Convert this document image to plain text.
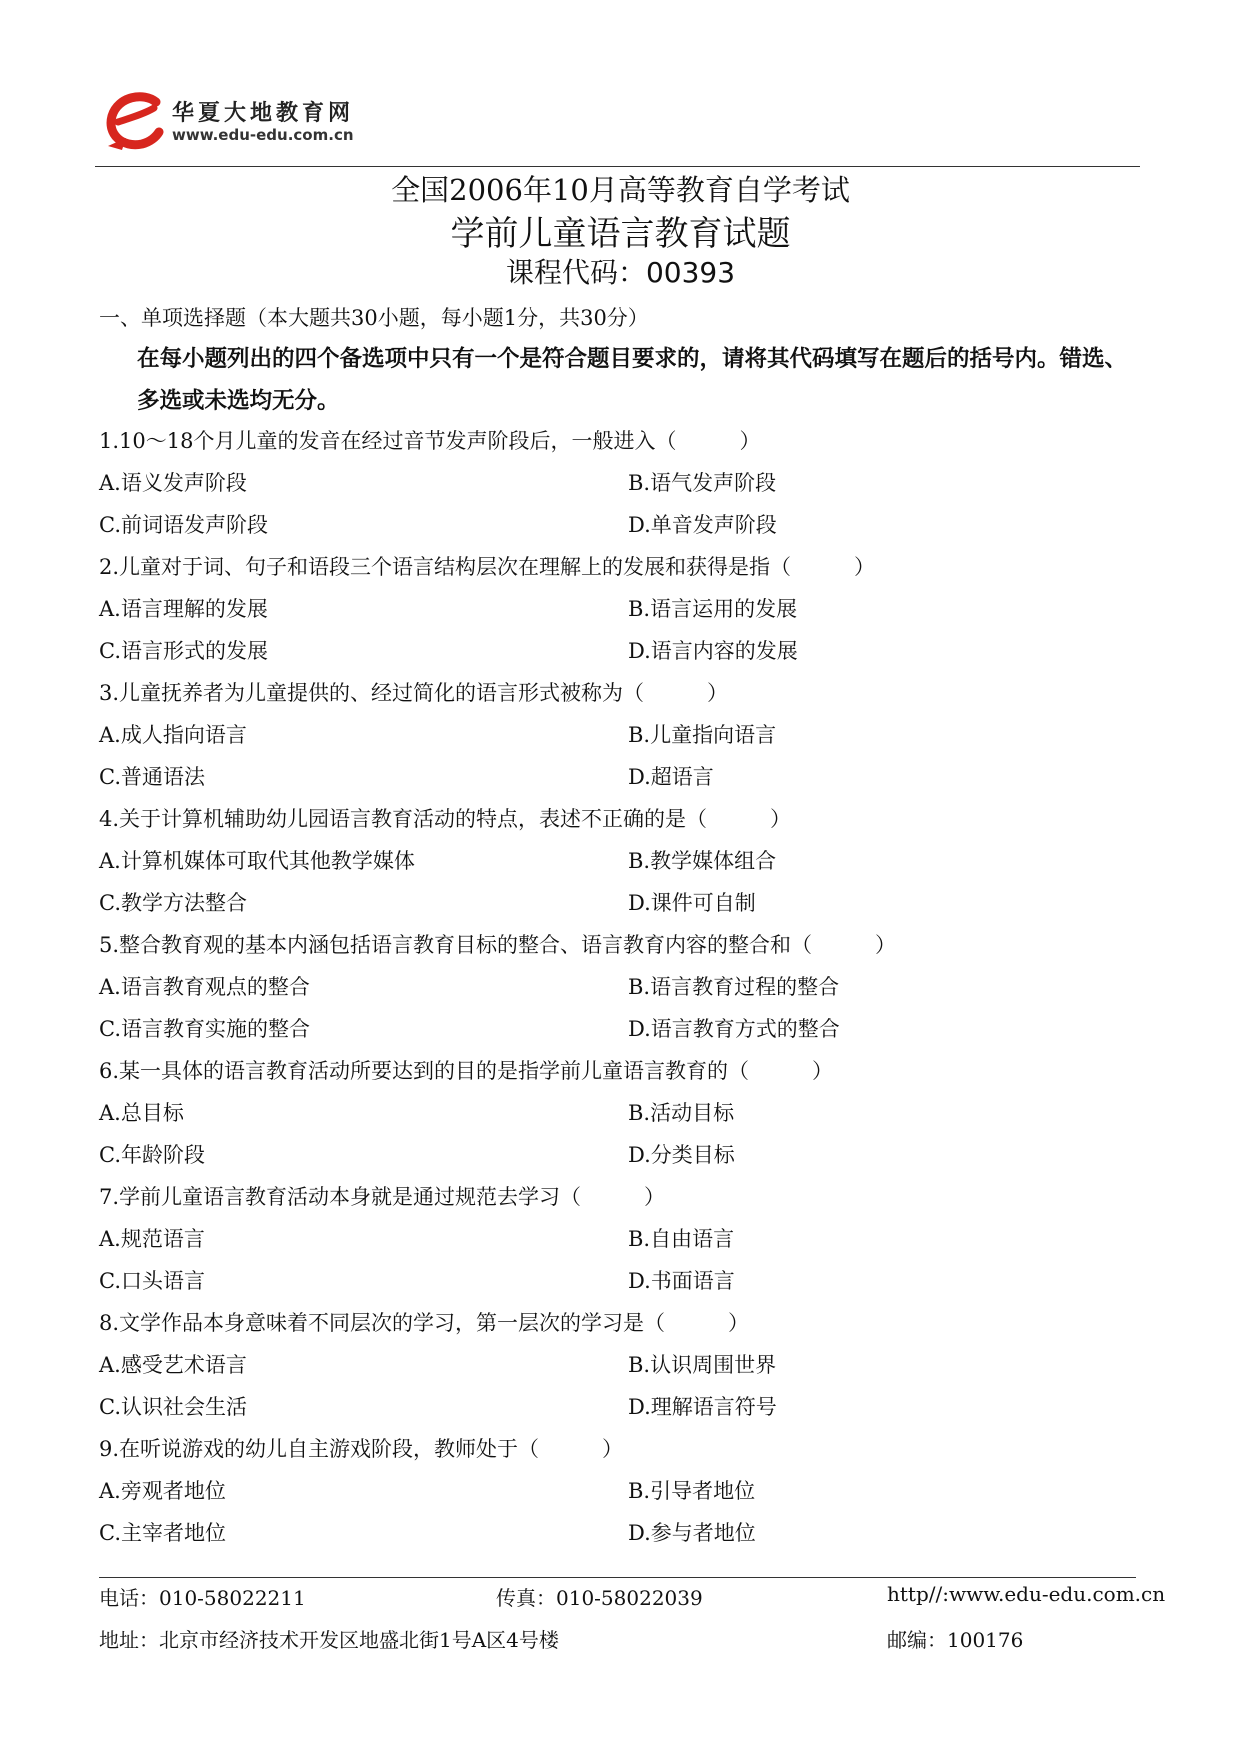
华夏大地教育网
www.edu-edu.com.cn
全国2006年10月高等教育自学考试
学前儿童语言教育试题
课程代码：00393
一、单项选择题（本大题共30小题，每小题1分，共30分）
在每小题列出的四个备选项中只有一个是符合题目要求的，请将其代码填写在题后的括号内。错选、多选或未选均无分。
1.10～18个月儿童的发音在经过音节发声阶段后，一般进入（　　　）
A.语义发声阶段	B.语气发声阶段
C.前词语发声阶段	D.单音发声阶段
2.儿童对于词、句子和语段三个语言结构层次在理解上的发展和获得是指（　　　）
A.语言理解的发展	B.语言运用的发展
C.语言形式的发展	D.语言内容的发展
3.儿童抚养者为儿童提供的、经过简化的语言形式被称为（　　　）
A.成人指向语言	B.儿童指向语言
C.普通语法	D.超语言
4.关于计算机辅助幼儿园语言教育活动的特点，表述不正确的是（　　　）
A.计算机媒体可取代其他教学媒体	B.教学媒体组合
C.教学方法整合	D.课件可自制
5.整合教育观的基本内涵包括语言教育目标的整合、语言教育内容的整合和（　　　）
A.语言教育观点的整合	B.语言教育过程的整合
C.语言教育实施的整合	D.语言教育方式的整合
6.某一具体的语言教育活动所要达到的目的是指学前儿童语言教育的（　　　）
A.总目标	B.活动目标
C.年龄阶段	D.分类目标
7.学前儿童语言教育活动本身就是通过规范去学习（　　　）
A.规范语言	B.自由语言
C.口头语言	D.书面语言
8.文学作品本身意味着不同层次的学习，第一层次的学习是（　　　）
A.感受艺术语言	B.认识周围世界
C.认识社会生活	D.理解语言符号
9.在听说游戏的幼儿自主游戏阶段，教师处于（　　　）
A.旁观者地位	B.引导者地位
C.主宰者地位	D.参与者地位
电话：010-58022211	传真：010-58022039	http//:www.edu-edu.com.cn
地址：北京市经济技术开发区地盛北街1号A区4号楼	邮编：100176
